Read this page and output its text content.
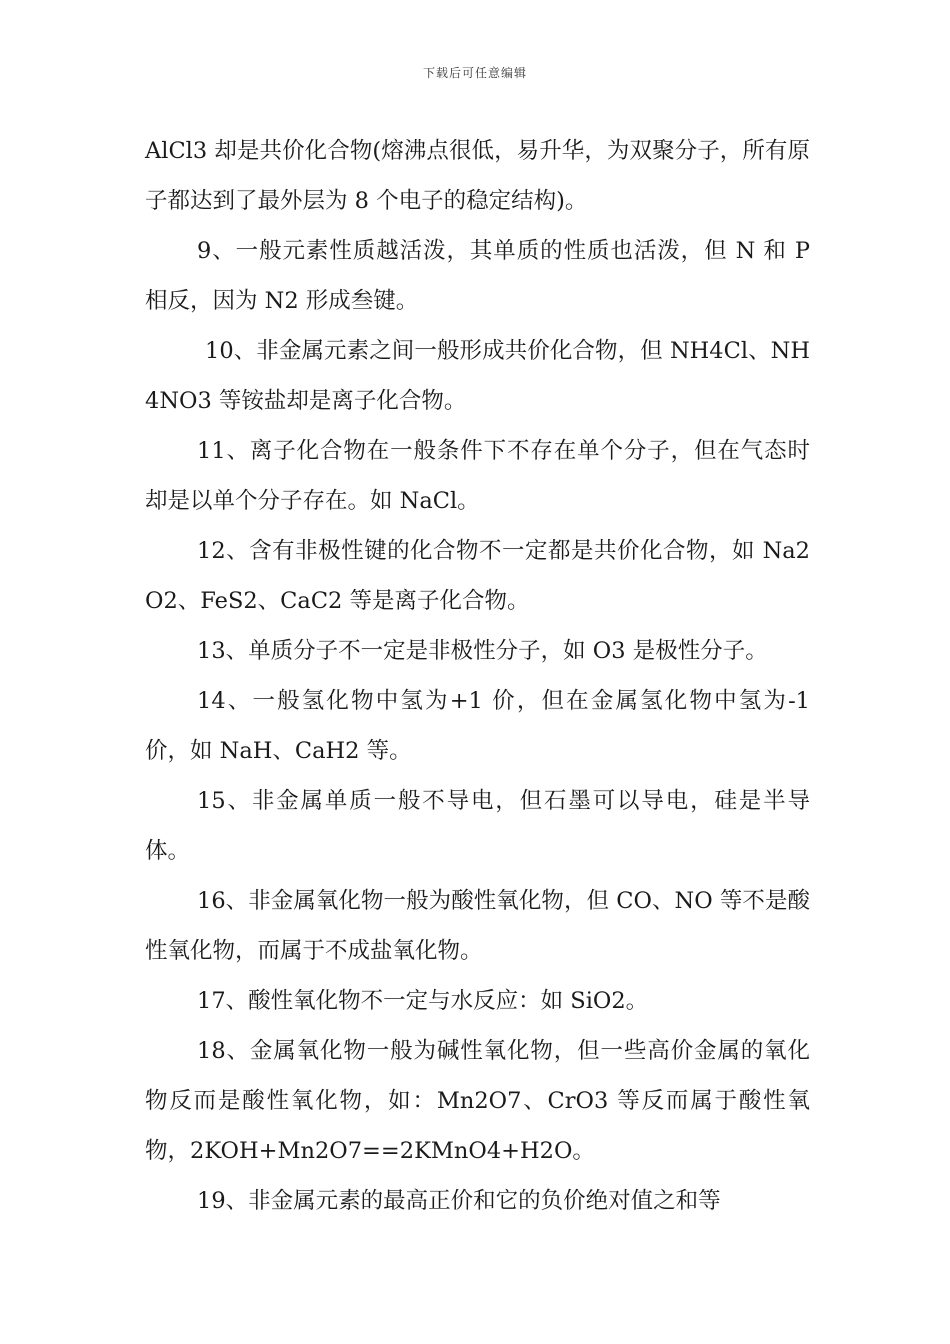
下载后可任意编辑

AlCl3 却是共价化合物(熔沸点很低，易升华，为双聚分子，所有原子都达到了最外层为 8 个电子的稳定结构)。

9、一般元素性质越活泼，其单质的性质也活泼，但 N 和 P 相反，因为 N2 形成叁键。

10、非金属元素之间一般形成共价化合物，但 NH4Cl、NH4NO3 等铵盐却是离子化合物。

11、离子化合物在一般条件下不存在单个分子，但在气态时却是以单个分子存在。如 NaCl。

12、含有非极性键的化合物不一定都是共价化合物，如 Na2O2、FeS2、CaC2 等是离子化合物。

13、单质分子不一定是非极性分子，如 O3 是极性分子。

14、一般氢化物中氢为+1 价，但在金属氢化物中氢为-1 价，如 NaH、CaH2 等。

15、非金属单质一般不导电，但石墨可以导电，硅是半导体。

16、非金属氧化物一般为酸性氧化物，但 CO、NO 等不是酸性氧化物，而属于不成盐氧化物。

17、酸性氧化物不一定与水反应：如 SiO2。

18、金属氧化物一般为碱性氧化物，但一些高价金属的氧化物反而是酸性氧化物，如：Mn2O7、CrO3 等反而属于酸性氧物，2KOH+Mn2O7==2KMnO4+H2O。

19、非金属元素的最高正价和它的负价绝对值之和等
